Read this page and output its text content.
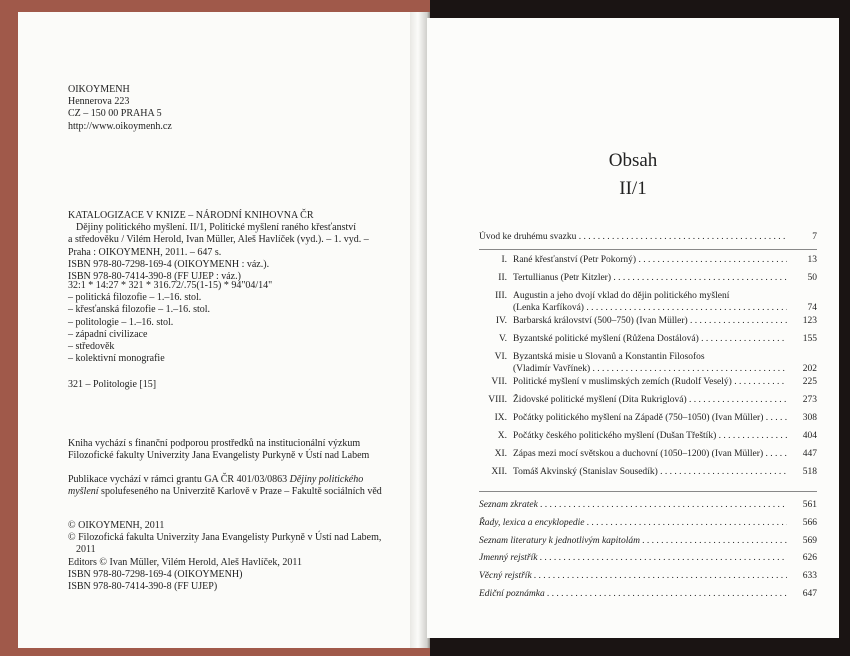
OIKOYMENH
Hennerova 223
CZ – 150 00 PRAHA 5
http://www.oikoymenh.cz
KATALOGIZACE V KNIZE – NÁRODNÍ KNIHOVNA ČR
Dějiny politického myšlení. II/1, Politické myšlení raného křesťanství
a středověku / Vilém Herold, Ivan Müller, Aleš Havlíček (vyd.). – 1. vyd. –
Praha : OIKOYMENH, 2011. – 647 s.
ISBN 978-80-7298-169-4 (OIKOYMENH : váz.).
ISBN 978-80-7414-390-8 (FF UJEP : váz.)
32:1 * 14:27 * 321 * 316.72/.75(1-15) * 94"04/14"
– politická filozofie – 1.–16. stol.
– křesťanská filozofie – 1.–16. stol.
– politologie – 1.–16. stol.
– západní civilizace
– středověk
– kolektivní monografie
321 – Politologie [15]
Kniha vychází s finanční podporou prostředků na institucionální výzkum
Filozofické fakulty Univerzity Jana Evangelisty Purkyně v Ústí nad Labem
Publikace vychází v rámci grantu GA ČR 401/03/0863 Dějiny politického
myšlení spolufeseného na Univerzitě Karlově v Praze – Fakultě sociálních věd
© OIKOYMENH, 2011
© Filozofická fakulta Univerzity Jana Evangelisty Purkyně v Ústí nad Labem,
2011
Editors © Ivan Müller, Vilém Herold, Aleš Havlíček, 2011
ISBN 978-80-7298-169-4 (OIKOYMENH)
ISBN 978-80-7414-390-8 (FF UJEP)
Obsah
II/1
Úvod ke druhému svazku . . .	7
I. Rané křesťanství (Petr Pokorný) . . .	13
II. Tertullianus (Petr Kitzler) . . .	50
III. Augustin a jeho dvojí vklad do dějin politického myšlení
(Lenka Karfíková) . . .	74
IV. Barbarská království (500–750) (Ivan Müller) . . .	123
V. Byzantské politické myšlení (Růžena Dostálová) . . .	155
VI. Byzantská misie u Slovanů a Konstantin Filosofos
(Vladimír Vavřínek) . . .	202
VII. Politické myšlení v muslimských zemích (Rudolf Veselý) . . .	225
VIII. Židovské politické myšlení (Dita Rukriglová) . . .	273
IX. Počátky politického myšlení na Západě (750–1050) (Ivan Müller) . . .	308
X. Počátky českého politického myšlení (Dušan Třeštík) . . .	404
XI. Zápas mezi mocí světskou a duchovní (1050–1200) (Ivan Müller) . . .	447
XII. Tomáš Akvinský (Stanislav Sousedík) . . .	518
Seznam zkratek . . .	561
Řady, lexica a encyklopedie . . .	566
Seznam literatury k jednotlivým kapitolám . . .	569
Jmenný rejstřík . . .	626
Věcný rejstřík . . .	633
Ediční poznámka . . .	647
